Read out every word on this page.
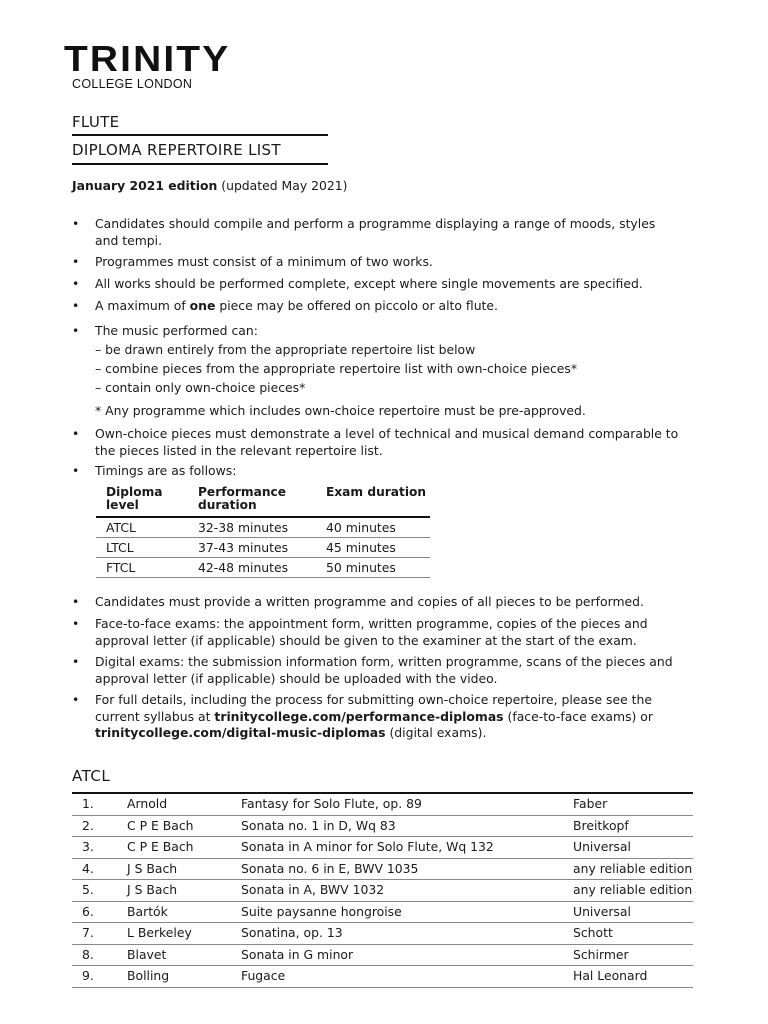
TRINITY
COLLEGE LONDON
FLUTE
DIPLOMA REPERTOIRE LIST
January 2021 edition (updated May 2021)
• Candidates should compile and perform a programme displaying a range of moods, styles and tempi.
• Programmes must consist of a minimum of two works.
• All works should be performed complete, except where single movements are specified.
• A maximum of one piece may be offered on piccolo or alto flute.
• The music performed can:
– be drawn entirely from the appropriate repertoire list below
– combine pieces from the appropriate repertoire list with own-choice pieces*
– contain only own-choice pieces*
* Any programme which includes own-choice repertoire must be pre-approved.
• Own-choice pieces must demonstrate a level of technical and musical demand comparable to the pieces listed in the relevant repertoire list.
• Timings are as follows:
Diploma level	Performance duration	Exam duration
ATCL	32-38 minutes	40 minutes
LTCL	37-43 minutes	45 minutes
FTCL	42-48 minutes	50 minutes
• Candidates must provide a written programme and copies of all pieces to be performed.
• Face-to-face exams: the appointment form, written programme, copies of the pieces and approval letter (if applicable) should be given to the examiner at the start of the exam.
• Digital exams: the submission information form, written programme, scans of the pieces and approval letter (if applicable) should be uploaded with the video.
• For full details, including the process for submitting own-choice repertoire, please see the current syllabus at trinitycollege.com/performance-diplomas (face-to-face exams) or trinitycollege.com/digital-music-diplomas (digital exams).
ATCL
1.	Arnold	Fantasy for Solo Flute, op. 89	Faber
2.	C P E Bach	Sonata no. 1 in D, Wq 83	Breitkopf
3.	C P E Bach	Sonata in A minor for Solo Flute, Wq 132	Universal
4.	J S Bach	Sonata no. 6 in E, BWV 1035	any reliable edition
5.	J S Bach	Sonata in A, BWV 1032	any reliable edition
6.	Bartók	Suite paysanne hongroise	Universal
7.	L Berkeley	Sonatina, op. 13	Schott
8.	Blavet	Sonata in G minor	Schirmer
9.	Bolling	Fugace	Hal Leonard
